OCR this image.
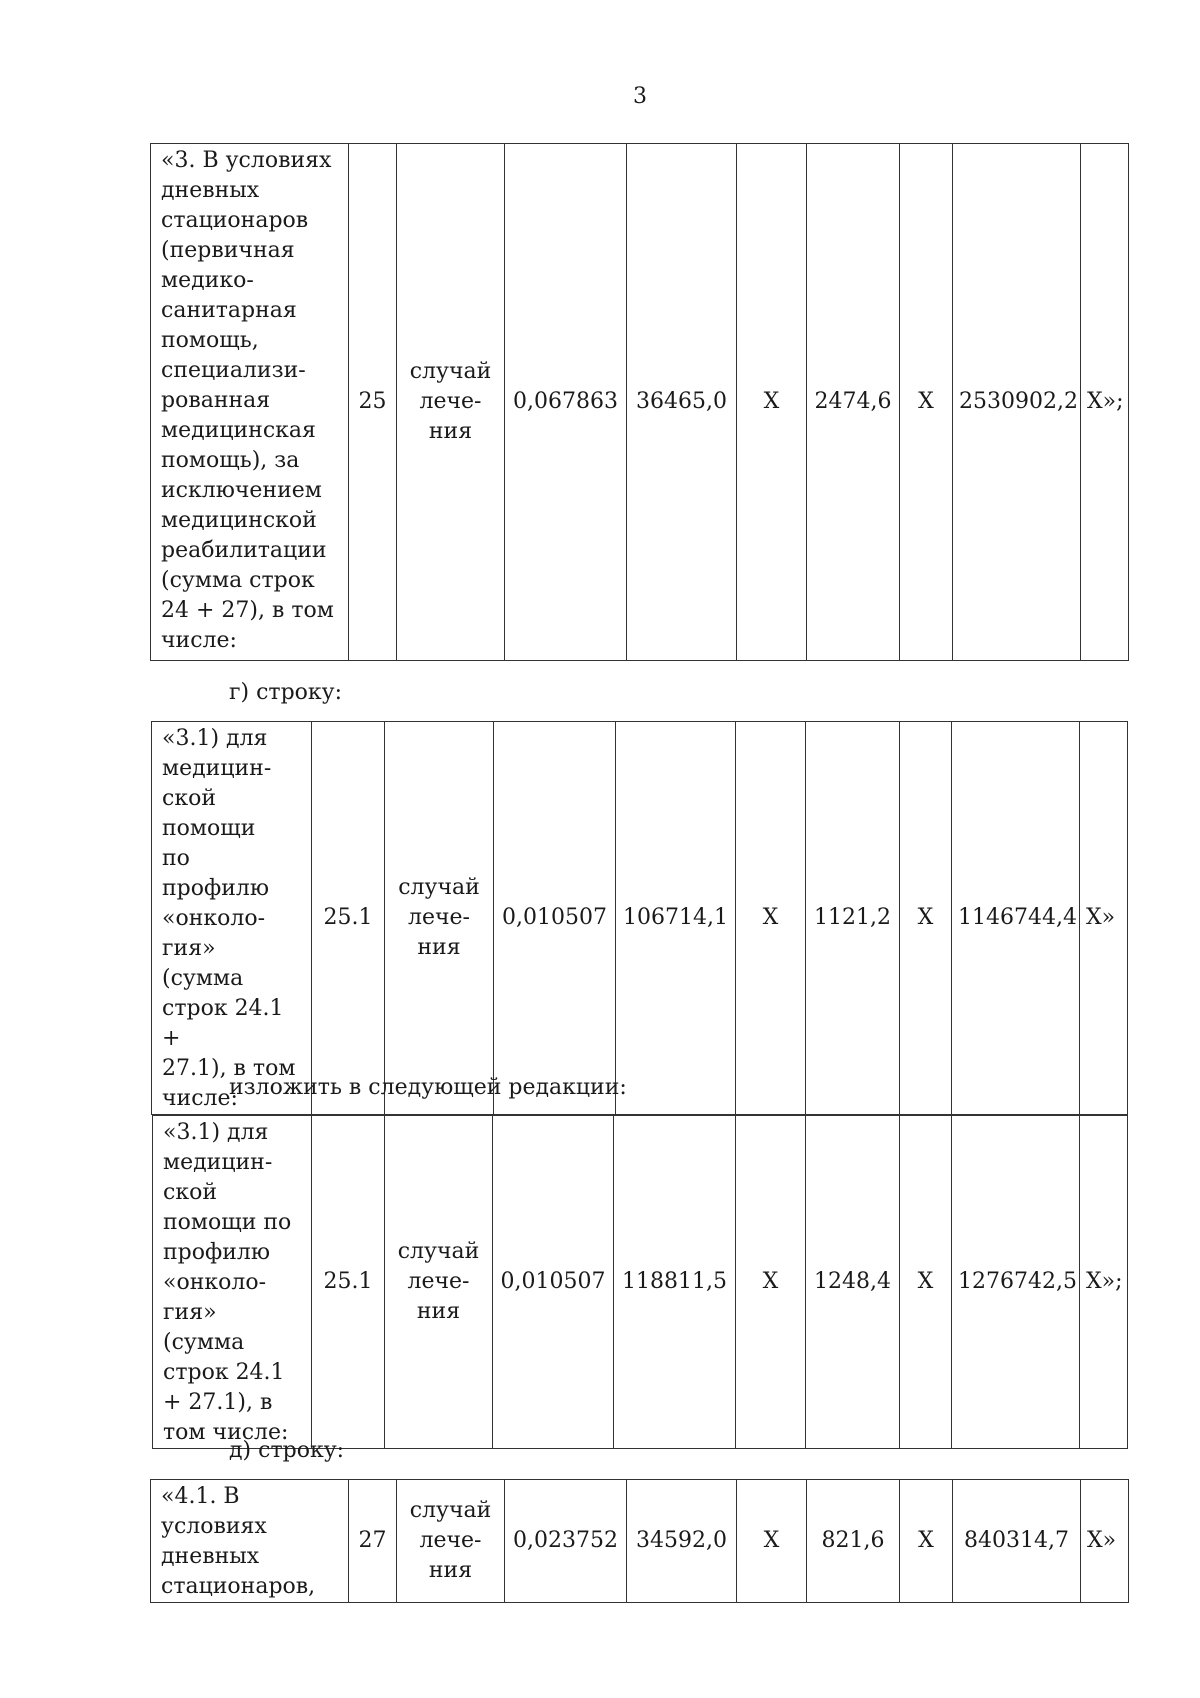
3
«3. В условиях
дневных
стационаров
(первичная
медико-
санитарная
помощь,
специализи-
рованная
медицинская
помощь), за
исключением
медицинской
реабилитации
(сумма строк
24 + 27), в том
числе:
	25	
случай
лече-
ния
	0,067863	36465,0	Х	2474,6	Х	2530902,2	Х»;
г) строку:
«3.1) для
медицин-
ской
помощи
по
профилю
«онколо-
гия» (сумма
строк 24.1 +
27.1), в том
числе:
	25.1	
случай
лече-
ния
	0,010507	106714,1	Х	1121,2	Х	1146744,4	Х»
изложить в следующей редакции:
«3.1) для
медицин-
ской
помощи по
профилю
«онколо-
гия» (сумма
строк 24.1
+ 27.1), в
том числе:
	25.1	
случай
лече-
ния
	0,010507	118811,5	Х	1248,4	Х	1276742,5	Х»;
д) строку:
«4.1. В
условиях
дневных
стационаров,
	27	
случай
лече-
ния
	0,023752	34592,0	Х	821,6	Х	840314,7	Х»
